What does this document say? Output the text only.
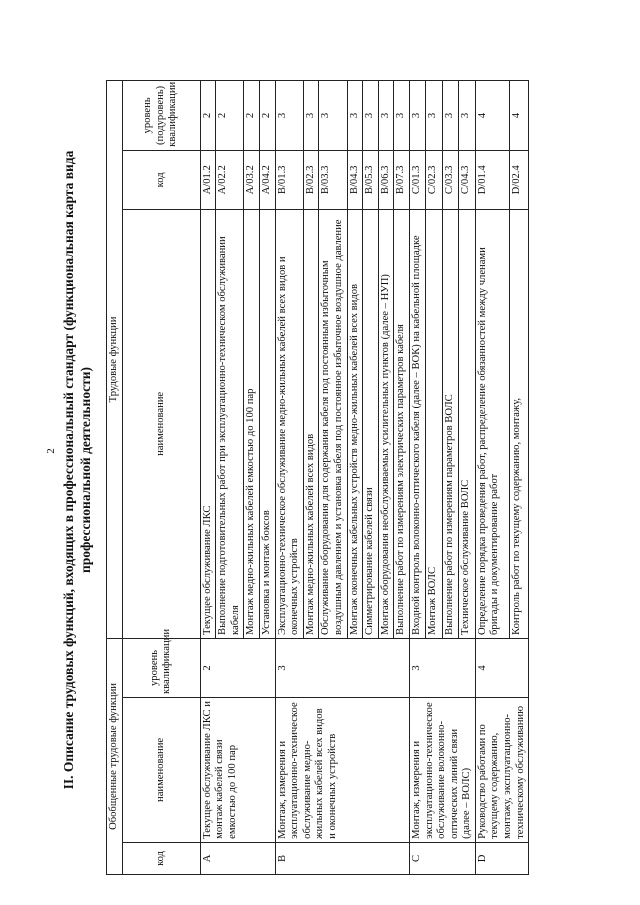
2 II. Описание трудовых функций, входящих в профессиональный стандарт (функциональная карта вида профессиональной деятельности)
Обобщенные трудовые функции			Трудовые функции		
код	наименование	уровень квалификации	наименование	код	уровень (подуровень) квалификации
A	Текущее обслуживание ЛКС и монтаж кабелей связи емкостью до 100 пар	2	Текущее обслуживание ЛКС	A/01.2	2
			Выполнение подготовительных работ при эксплуатационно-техническом обслуживании кабеля	A/02.2	2
			Монтаж медно-жильных кабелей емкостью до 100 пар	A/03.2	2
			Установка и монтаж боксов	A/04.2	2
B	Монтаж, измерения и эксплуатационно-техническое обслуживание медно-жильных кабелей всех видов и оконечных устройств	3	Эксплуатационно-техническое обслуживание медно-жильных кабелей всех видов и оконечных устройств	B/01.3	3
			Монтаж медно-жильных кабелей всех видов	B/02.3	3
			Обслуживание оборудования для содержания кабеля под постоянным избыточным воздушным давлением и установка кабеля под постоянное избыточное воздушное давление	B/03.3	3
			Монтаж оконечных кабельных устройств медно-жильных кабелей всех видов	B/04.3	3
			Симметрирование кабелей связи	B/05.3	3
			Монтаж оборудования необслуживаемых усилительных пунктов (далее – НУП)	B/06.3	3
			Выполнение работ по измерениям электрических параметров кабеля	B/07.3	3
C	Монтаж, измерения и эксплуатационно-техническое обслуживание волоконно-оптических линий связи (далее – ВОЛС)	3	Входной контроль волоконно-оптического кабеля (далее – ВОК) на кабельной площадке	C/01.3	3
			Монтаж ВОЛС	C/02.3	3
			Выполнение работ по измерениям параметров ВОЛС	C/03.3	3
			Техническое обслуживание ВОЛС	C/04.3	3
D	Руководство работами по текущему содержанию, монтажу, эксплуатационно-техническому обслуживанию	4	Определение порядка проведения работ, распределение обязанностей между членами бригады и документирование работ	D/01.4	4
			Контроль работ по текущему содержанию, монтажу,	D/02.4	4
